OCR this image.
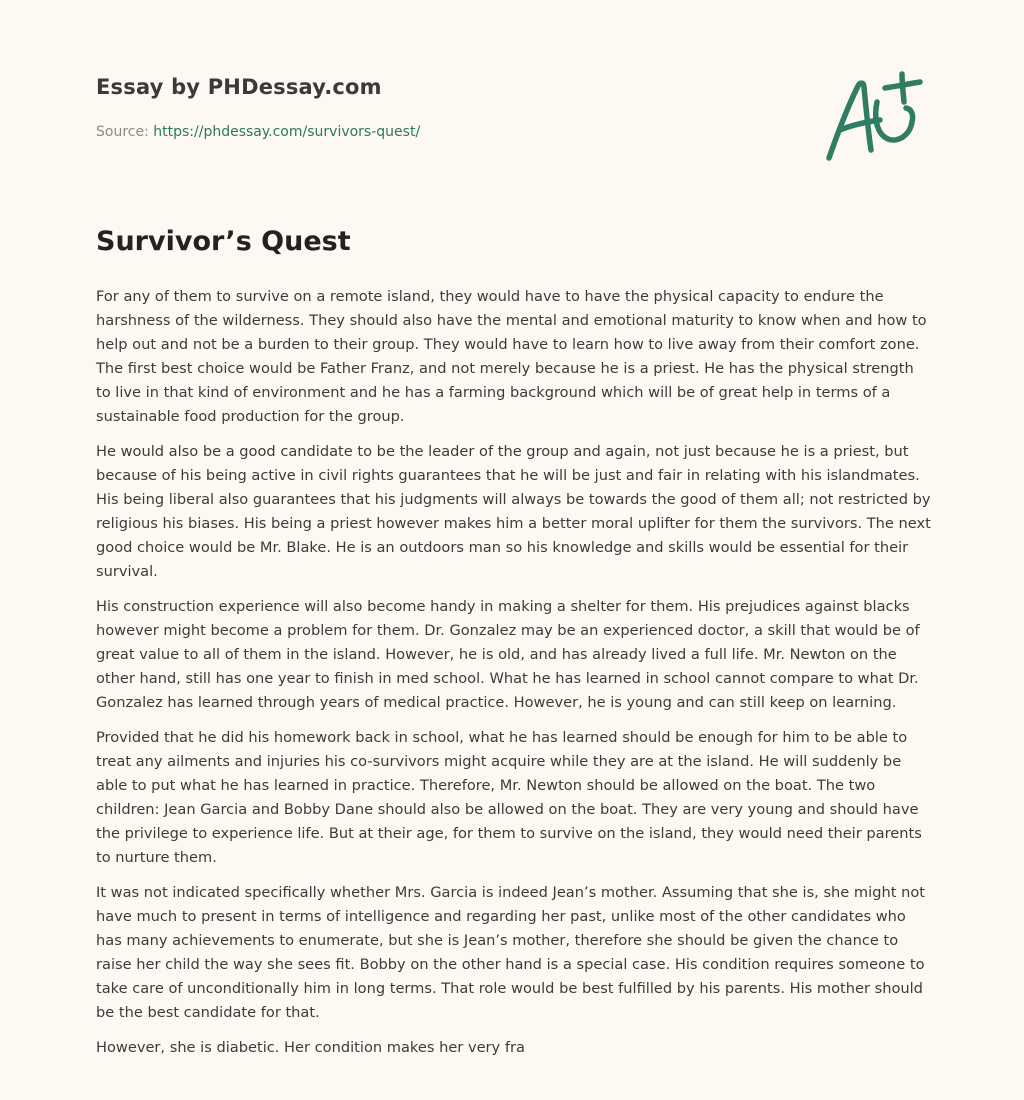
Essay by PHDessay.com
Source: https://phdessay.com/survivors-quest/
Survivor’s Quest

For any of them to survive on a remote island, they would have to have the physical capacity to endure the harshness of the wilderness. They should also have the mental and emotional maturity to know when and how to help out and not be a burden to their group. They would have to learn how to live away from their comfort zone. The first best choice would be Father Franz, and not merely because he is a priest. He has the physical strength to live in that kind of environment and he has a farming background which will be of great help in terms of a sustainable food production for the group.

He would also be a good candidate to be the leader of the group and again, not just because he is a priest, but because of his being active in civil rights guarantees that he will be just and fair in relating with his islandmates. His being liberal also guarantees that his judgments will always be towards the good of them all; not restricted by religious his biases. His being a priest however makes him a better moral uplifter for them the survivors. The next good choice would be Mr. Blake. He is an outdoors man so his knowledge and skills would be essential for their survival.

His construction experience will also become handy in making a shelter for them. His prejudices against blacks however might become a problem for them. Dr. Gonzalez may be an experienced doctor, a skill that would be of great value to all of them in the island. However, he is old, and has already lived a full life. Mr. Newton on the other hand, still has one year to finish in med school. What he has learned in school cannot compare to what Dr. Gonzalez has learned through years of medical practice. However, he is young and can still keep on learning.

Provided that he did his homework back in school, what he has learned should be enough for him to be able to treat any ailments and injuries his co-survivors might acquire while they are at the island. He will suddenly be able to put what he has learned in practice. Therefore, Mr. Newton should be allowed on the boat. The two children: Jean Garcia and Bobby Dane should also be allowed on the boat. They are very young and should have the privilege to experience life. But at their age, for them to survive on the island, they would need their parents to nurture them.

It was not indicated specifically whether Mrs. Garcia is indeed Jean’s mother. Assuming that she is, she might not have much to present in terms of intelligence and regarding her past, unlike most of the other candidates who has many achievements to enumerate, but she is Jean’s mother, therefore she should be given the chance to raise her child the way she sees fit. Bobby on the other hand is a special case. His condition requires someone to take care of unconditionally him in long terms. That role would be best fulfilled by his parents. His mother should be the best candidate for that.

However, she is diabetic. Her condition makes her very fra
